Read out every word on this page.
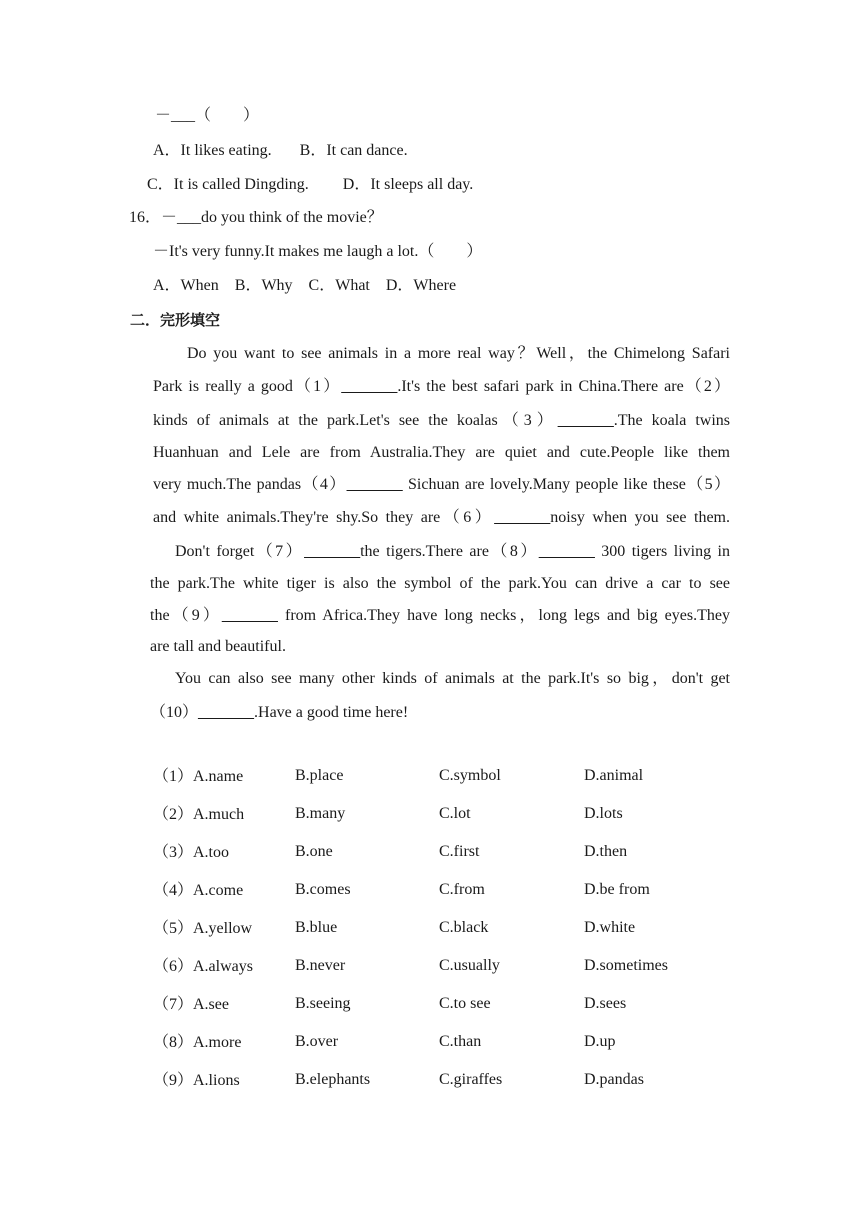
－___（　　）
A．It likes eating. B．It can dance.
C．It is called Dingding. D．It sleeps all day.
16．－___do you think of the movie？
－It's very funny.It makes me laugh a lot.（　　）
A．When B．Why C．What D．Where
二．完形填空
Do you want to see animals in a more real way？Well，the Chimelong Safari
Park is really a good（1）_______.It's the best safari park in China.There are（2）
kinds of animals at the park.Let's see the koalas（3）_______.The koala twins
Huanhuan and Lele are from Australia.They are quiet and cute.People like them
very much.The pandas（4）_______ Sichuan are lovely.Many people like these（5）
and white animals.They're shy.So they are（6）_______noisy when you see them.
Don't forget（7）_______the tigers.There are（8）_______ 300 tigers living in
the park.The white tiger is also the symbol of the park.You can drive a car to see
the（9）_______ from Africa.They have long necks，long legs and big eyes.They
are tall and beautiful.
You can also see many other kinds of animals at the park.It's so big，don't get
（10）_______.Have a good time here!
（1）A.name	B.place	C.symbol	D.animal
（2）A.much	B.many	C.lot	D.lots
（3）A.too	B.one	C.first	D.then
（4）A.come	B.comes	C.from	D.be from
（5）A.yellow	B.blue	C.black	D.white
（6）A.always	B.never	C.usually	D.sometimes
（7）A.see	B.seeing	C.to see	D.sees
（8）A.more	B.over	C.than	D.up
（9）A.lions	B.elephants	C.giraffes	D.pandas
